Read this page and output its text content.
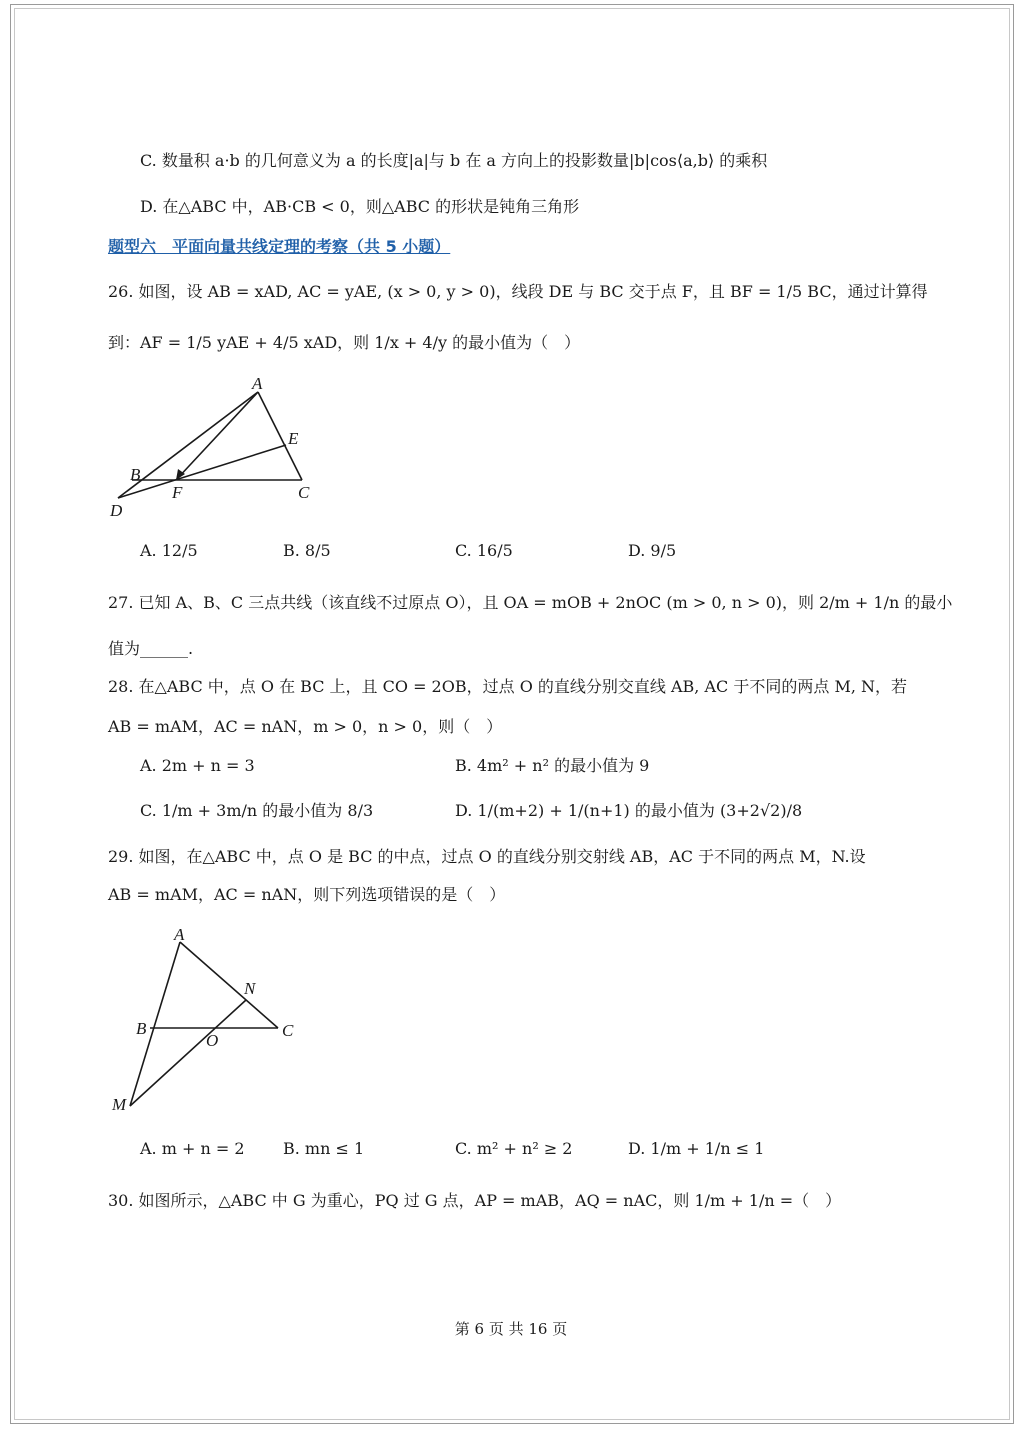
C. 数量积 a·b 的几何意义为 a 的长度|a|与 b 在 a 方向上的投影数量|b|cos⟨a,b⟩ 的乘积
D. 在△ABC 中，AB·CB < 0，则△ABC 的形状是钝角三角形
题型六　平面向量共线定理的考察（共 5 小题）
26. 如图，设 AB = xAD, AC = yAE, (x > 0, y > 0)，线段 DE 与 BC 交于点 F，且 BF = 1/5 BC，通过计算得
到：AF = 1/5 yAE + 4/5 xAD，则 1/x + 4/y 的最小值为（　）
A
E
B
F	C
D
A. 12/5	B. 8/5	C. 16/5	D. 9/5
27. 已知 A、B、C 三点共线（该直线不过原点 O），且 OA = mOB + 2nOC (m > 0, n > 0)，则 2/m + 1/n 的最小
值为______.
28. 在△ABC 中，点 O 在 BC 上，且 CO = 2OB，过点 O 的直线分别交直线 AB, AC 于不同的两点 M, N，若
AB = mAM，AC = nAN，m > 0，n > 0，则（　）
A. 2m + n = 3	B. 4m² + n² 的最小值为 9
C. 1/m + 3m/n 的最小值为 8/3	D. 1/(m+2) + 1/(n+1) 的最小值为 (3+2√2)/8
29. 如图，在△ABC 中，点 O 是 BC 的中点，过点 O 的直线分别交射线 AB，AC 于不同的两点 M，N.设
AB = mAM，AC = nAN，则下列选项错误的是（　）
A
N
B	C
O
M
A. m + n = 2 B. mn ≤ 1	C. m² + n² ≥ 2	D. 1/m + 1/n ≤ 1
30. 如图所示，△ABC 中 G 为重心，PQ 过 G 点，AP = mAB，AQ = nAC，则 1/m + 1/n =（　）
第 6 页 共 16 页
